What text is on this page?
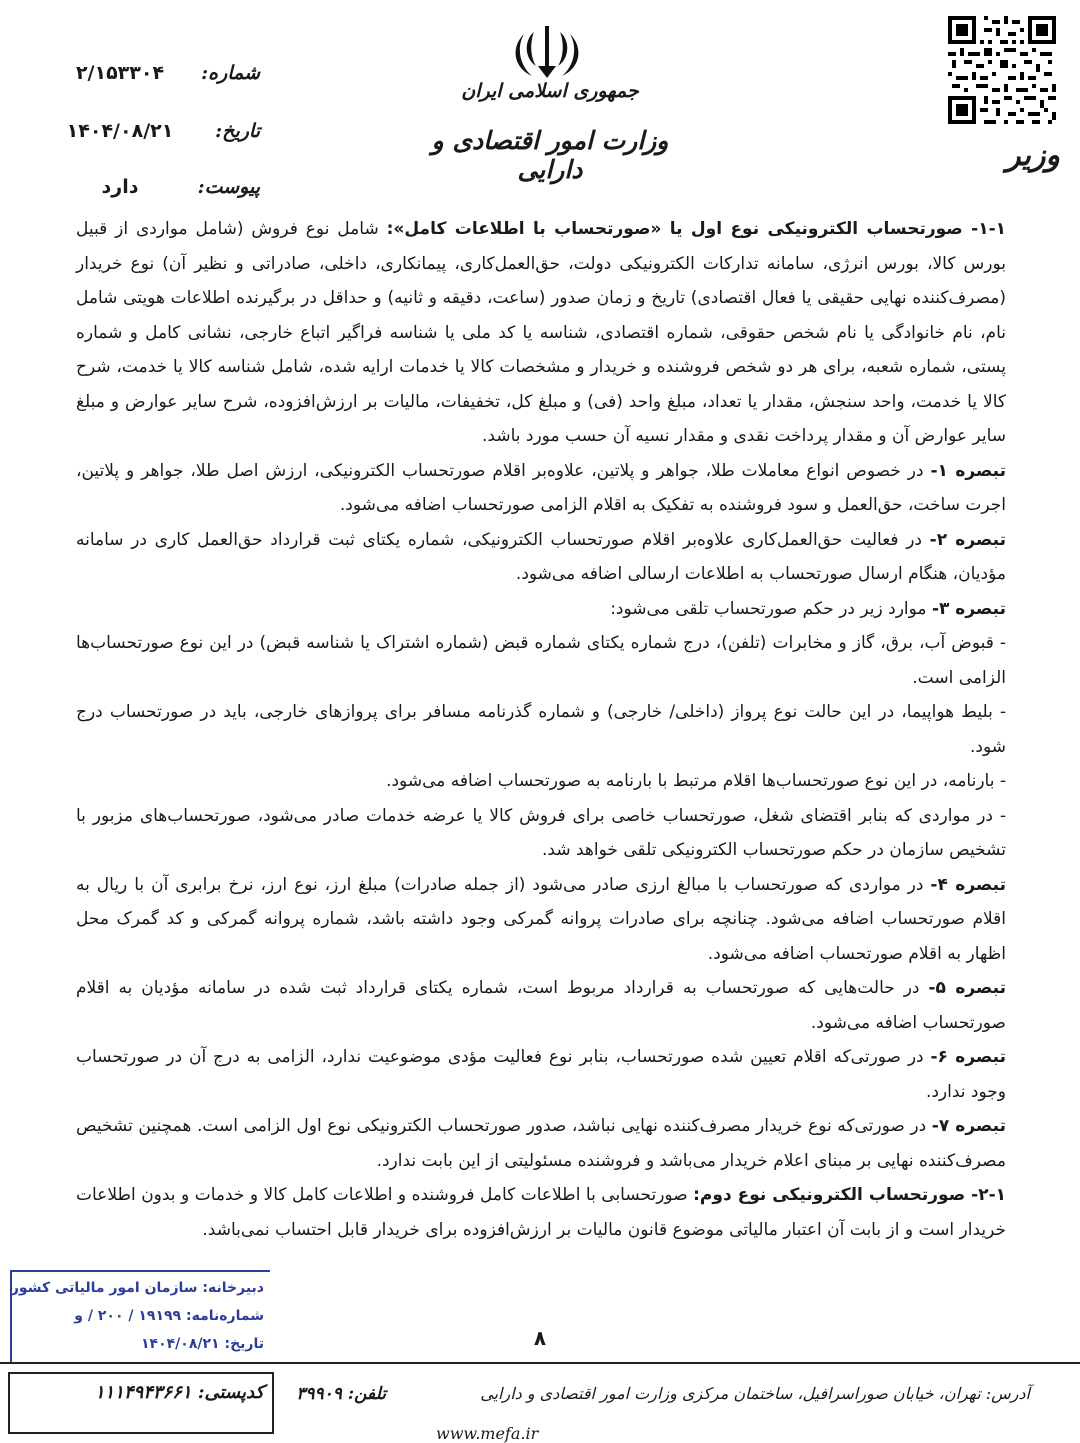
جمهوری اسلامی ایران
وزارت امور اقتصادی و دارایی	وزیر
شماره:
۲/۱۵۳۳۰۴
تاریخ:
۱۴۰۴/۰۸/۲۱
پیوست:
دارد

۱-۱- صورتحساب الکترونیکی نوع اول یا «صورتحساب با اطلاعات کامل»: شامل نوع فروش (شامل مواردی از قبیل بورس کالا، بورس انرژی، سامانه تدارکات الکترونیکی دولت، حق‌العمل‌کاری، پیمانکاری، داخلی، صادراتی و نظیر آن) نوع خریدار (مصرف‌کننده نهایی حقیقی یا فعال اقتصادی) تاریخ و زمان صدور (ساعت، دقیقه و ثانیه) و حداقل در برگیرنده اطلاعات هویتی شامل نام، نام خانوادگی یا نام شخص حقوقی، شماره اقتصادی، شناسه یا کد ملی یا شناسه فراگیر اتباع خارجی، نشانی کامل و شماره پستی، شماره شعبه، برای هر دو شخص فروشنده و خریدار و مشخصات کالا یا خدمات ارایه شده، شامل شناسه کالا یا خدمت، شرح کالا یا خدمت، واحد سنجش، مقدار یا تعداد، مبلغ واحد (فی) و مبلغ کل، تخفیفات، مالیات بر ارزش‌افزوده، شرح سایر عوارض و مبلغ سایر عوارض آن و مقدار پرداخت نقدی و مقدار نسیه آن حسب مورد باشد.

تبصره ۱- در خصوص انواع معاملات طلا، جواهر و پلاتین، علاوه‌بر اقلام صورتحساب الکترونیکی، ارزش اصل طلا، جواهر و پلاتین، اجرت ساخت، حق‌العمل و سود فروشنده به تفکیک به اقلام الزامی صورتحساب اضافه می‌شود.

تبصره ۲- در فعالیت حق‌العمل‌کاری علاوه‌بر اقلام صورتحساب الکترونیکی، شماره یکتای ثبت قرارداد حق‌العمل کاری در سامانه مؤدیان، هنگام ارسال صورتحساب به اطلاعات ارسالی اضافه می‌شود.

تبصره ۳- موارد زیر در حکم صورتحساب تلقی می‌شود:

- قبوض آب، برق، گاز و مخابرات (تلفن)، درج شماره یکتای شماره قبض (شماره اشتراک یا شناسه قبض) در این نوع صورتحساب‌ها الزامی است.

- بلیط هواپیما، در این حالت نوع پرواز (داخلی/ خارجی) و شماره گذرنامه مسافر برای پروازهای خارجی، باید در صورتحساب درج شود.

- بارنامه، در این نوع صورتحساب‌ها اقلام مرتبط با بارنامه به صورتحساب اضافه می‌شود.

- در مواردی که بنابر اقتضای شغل، صورتحساب خاصی برای فروش کالا یا عرضه خدمات صادر می‌شود، صورتحساب‌های مزبور با تشخیص سازمان در حکم صورتحساب الکترونیکی تلقی خواهد شد.

تبصره ۴- در مواردی که صورتحساب با مبالغ ارزی صادر می‌شود (از جمله صادرات) مبلغ ارز، نوع ارز، نرخ برابری آن با ریال به اقلام صورتحساب اضافه می‌شود. چنانچه برای صادرات پروانه گمرکی وجود داشته باشد، شماره پروانه گمرکی و کد گمرک محل اظهار به اقلام صورتحساب اضافه می‌شود.

تبصره ۵- در حالت‌هایی که صورتحساب به قرارداد مربوط است، شماره یکتای قرارداد ثبت شده در سامانه مؤدیان به اقلام صورتحساب اضافه می‌شود.

تبصره ۶- در صورتی‌که اقلام تعیین شده صورتحساب، بنابر نوع فعالیت مؤدی موضوعیت ندارد، الزامی به درج آن در صورتحساب وجود ندارد.

تبصره ۷- در صورتی‌که نوع خریدار مصرف‌کننده نهایی نباشد، صدور صورتحساب الکترونیکی نوع اول الزامی است. همچنین تشخیص مصرف‌کننده نهایی بر مبنای اعلام خریدار می‌باشد و فروشنده مسئولیتی از این بابت ندارد.

۲-۱- صورتحساب الکترونیکی نوع دوم: صورتحسابی با اطلاعات کامل فروشنده و اطلاعات کامل کالا و خدمات و بدون اطلاعات خریدار است و از بابت آن اعتبار مالیاتی موضوع قانون مالیات بر ارزش‌افزوده برای خریدار قابل احتساب نمی‌باشد.

دبیرخانه: سازمان امور مالیاتی کشور
شماره‌نامه: ۱۹۱۹۹ / ۲۰۰ / و
تاریخ: ۱۴۰۴/۰۸/۲۱	۸
کدپستی: ۱۱۱۴۹۴۳۶۶۱	تلفن: ۳۹۹۰۹	آدرس: تهران، خیابان صوراسرافیل، ساختمان مرکزی وزارت امور اقتصادی و دارایی
www.mefa.ir
